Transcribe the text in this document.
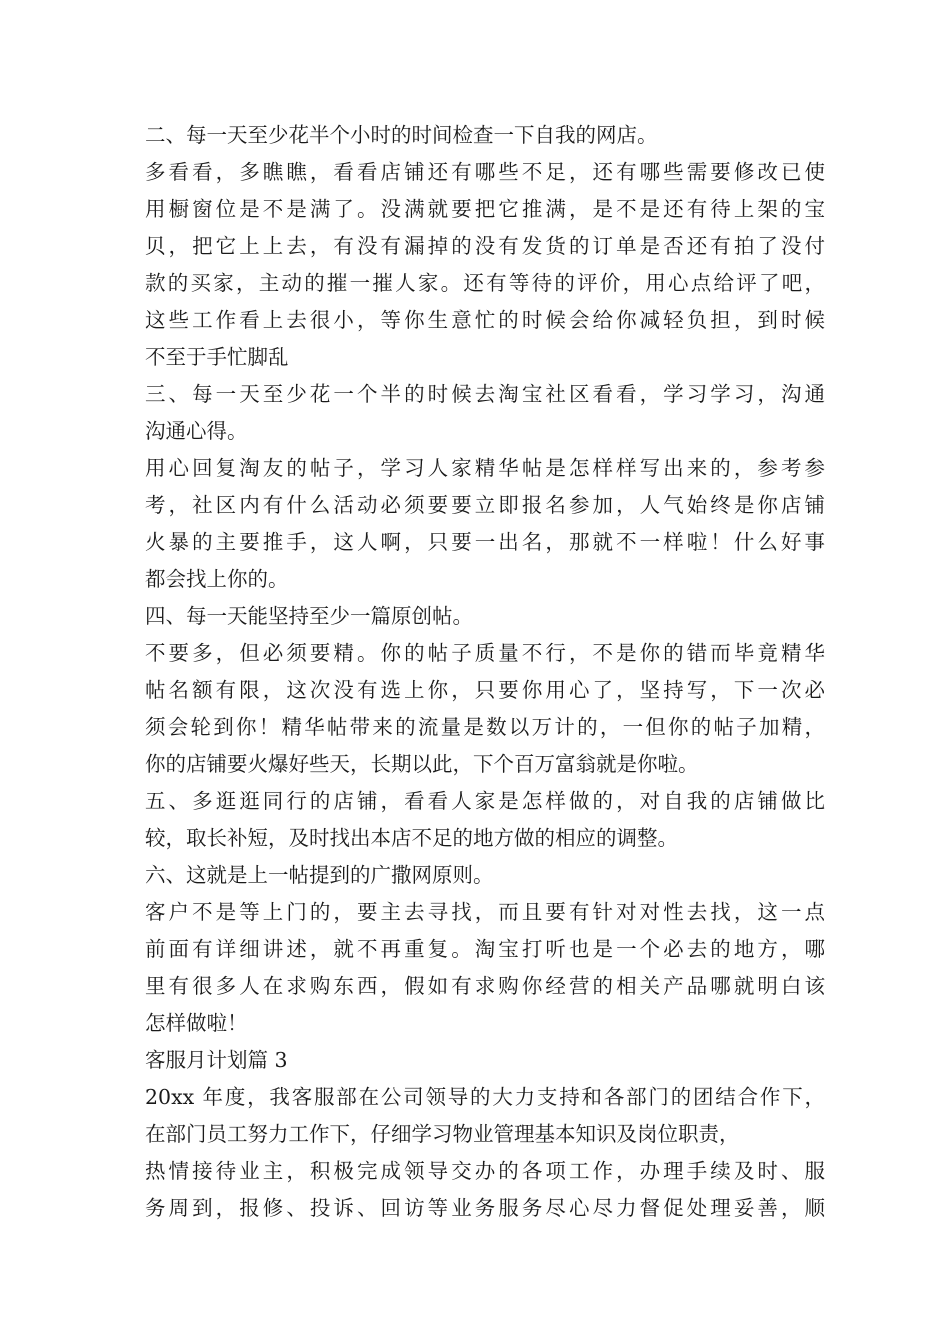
二、每一天至少花半个小时的时间检查一下自我的网店。
多看看，多瞧瞧，看看店铺还有哪些不足，还有哪些需要修改已使
用橱窗位是不是满了。没满就要把它推满，是不是还有待上架的宝
贝，把它上上去，有没有漏掉的没有发货的订单是否还有拍了没付
款的买家，主动的摧一摧人家。还有等待的评价，用心点给评了吧，
这些工作看上去很小，等你生意忙的时候会给你减轻负担，到时候
不至于手忙脚乱
三、每一天至少花一个半的时候去淘宝社区看看，学习学习，沟通
沟通心得。
用心回复淘友的帖子，学习人家精华帖是怎样样写出来的，参考参
考，社区内有什么活动必须要要立即报名参加，人气始终是你店铺
火暴的主要推手，这人啊，只要一出名，那就不一样啦！什么好事
都会找上你的。
四、每一天能坚持至少一篇原创帖。
不要多，但必须要精。你的帖子质量不行，不是你的错而毕竟精华
帖名额有限，这次没有选上你，只要你用心了，坚持写，下一次必
须会轮到你！精华帖带来的流量是数以万计的，一但你的帖子加精，
你的店铺要火爆好些天，长期以此，下个百万富翁就是你啦。
五、多逛逛同行的店铺，看看人家是怎样做的，对自我的店铺做比
较，取长补短，及时找出本店不足的地方做的相应的调整。
六、这就是上一帖提到的广撒网原则。
客户不是等上门的，要主去寻找，而且要有针对对性去找，这一点
前面有详细讲述，就不再重复。淘宝打听也是一个必去的地方，哪
里有很多人在求购东西，假如有求购你经营的相关产品哪就明白该
怎样做啦！
客服月计划篇 3
20xx 年度，我客服部在公司领导的大力支持和各部门的团结合作下，
在部门员工努力工作下，仔细学习物业管理基本知识及岗位职责，
热情接待业主，积极完成领导交办的各项工作，办理手续及时、服
务周到，报修、投诉、回访等业务服务尽心尽力督促处理妥善，顺
